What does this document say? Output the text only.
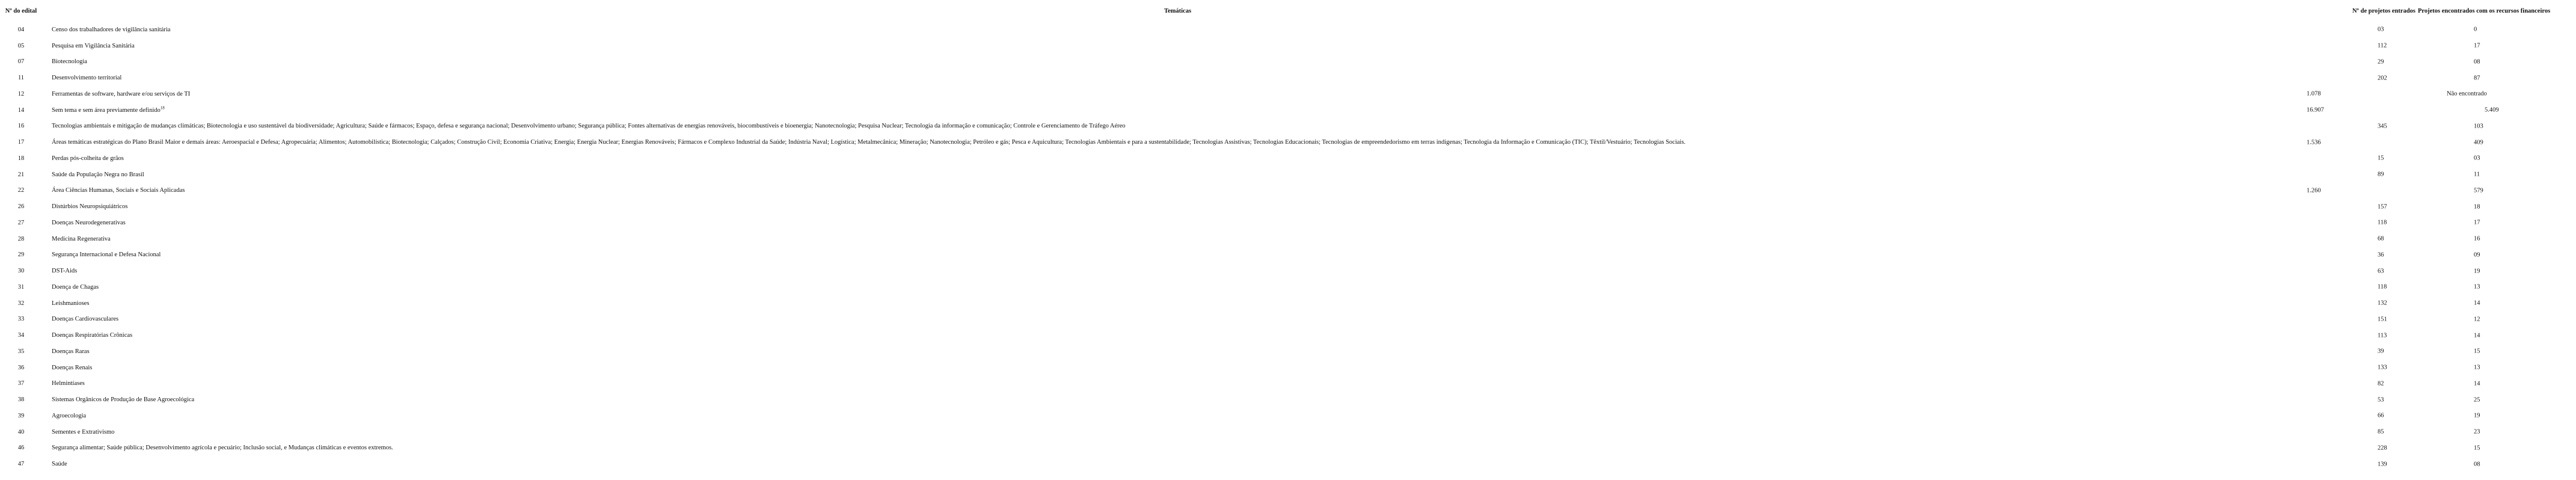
Nº do edital	Temáticas	Nº de projetos entrados	Projetos encontrados com os recursos financeiros
04	Censo dos trabalhadores de vigilância sanitária	03	0

05	Pesquisa em Vigilância Sanitária	112	17

07	Biotecnologia	29	08

11	Desenvolvimento territorial	202	87

12	Ferramentas de software, hardware e/ou serviços de TI	1.078	Não encontrado

14	Sem tema e sem área previamente definido$^{18}$	16.907	5.409

16	Tecnologias ambientais e mitigação de mudanças climáticas; Biotecnologia e uso sustentável da biodiversidade; Agricultura; Saúde e fármacos; Espaço, defesa e segurança nacional; Desenvolvimento urbano; Segurança pública; Fontes alternativas de energias renováveis, biocombustíveis e bioenergia; Nanotecnologia; Pesquisa Nuclear; Tecnologia da informação e comunicação; Controle e Gerenciamento de Tráfego Aéreo	345	103

17	Áreas temáticas estratégicas do Plano Brasil Maior e demais áreas: Aeroespacial e Defesa; Agropecuária; Alimentos; Automobilística; Biotecnologia; Calçados; Construção Civil; Economia Criativa; Energia; Energia Nuclear; Energias Renováveis; Fármacos e Complexo Industrial da Saúde; Indústria Naval; Logística; Metalmecânica; Mineração; Nanotecnologia; Petróleo e gás; Pesca e Aquicultura; Tecnologias Ambientais e para a sustentabilidade; Tecnologias Assistivas; Tecnologias Educacionais; Tecnologias de empreendedorismo em terras indígenas; Tecnologia da Informação e Comunicação (TIC); Têxtil/Vestuário; Tecnologias Sociais.	1.536	409

18	Perdas pós-colheita de grãos	15	03

21	Saúde da População Negra no Brasil	89	11

22	Área Ciências Humanas, Sociais e Sociais Aplicadas	1.260	579

26	Distúrbios Neuropsiquiátricos	157	18

27	Doenças Neurodegenerativas	118	17

28	Medicina Regenerativa	68	16

29	Segurança Internacional e Defesa Nacional	36	09

30	DST-Aids	63	19

31	Doença de Chagas	118	13

32	Leishmanioses	132	14

33	Doenças Cardiovasculares	151	12

34	Doenças Respiratórias Crônicas	113	14

35	Doenças Raras	39	15

36	Doenças Renais	133	13

37	Helmintíases	82	14

38	Sistemas Orgânicos de Produção de Base Agroecológica	53	25

39	Agroecologia	66	19

40	Sementes e Extrativismo	85	23

46	Segurança alimentar; Saúde pública; Desenvolvimento agrícola e pecuário; Inclusão social, e Mudanças climáticas e eventos extremos.	228	15

47	Saúde	139	08
